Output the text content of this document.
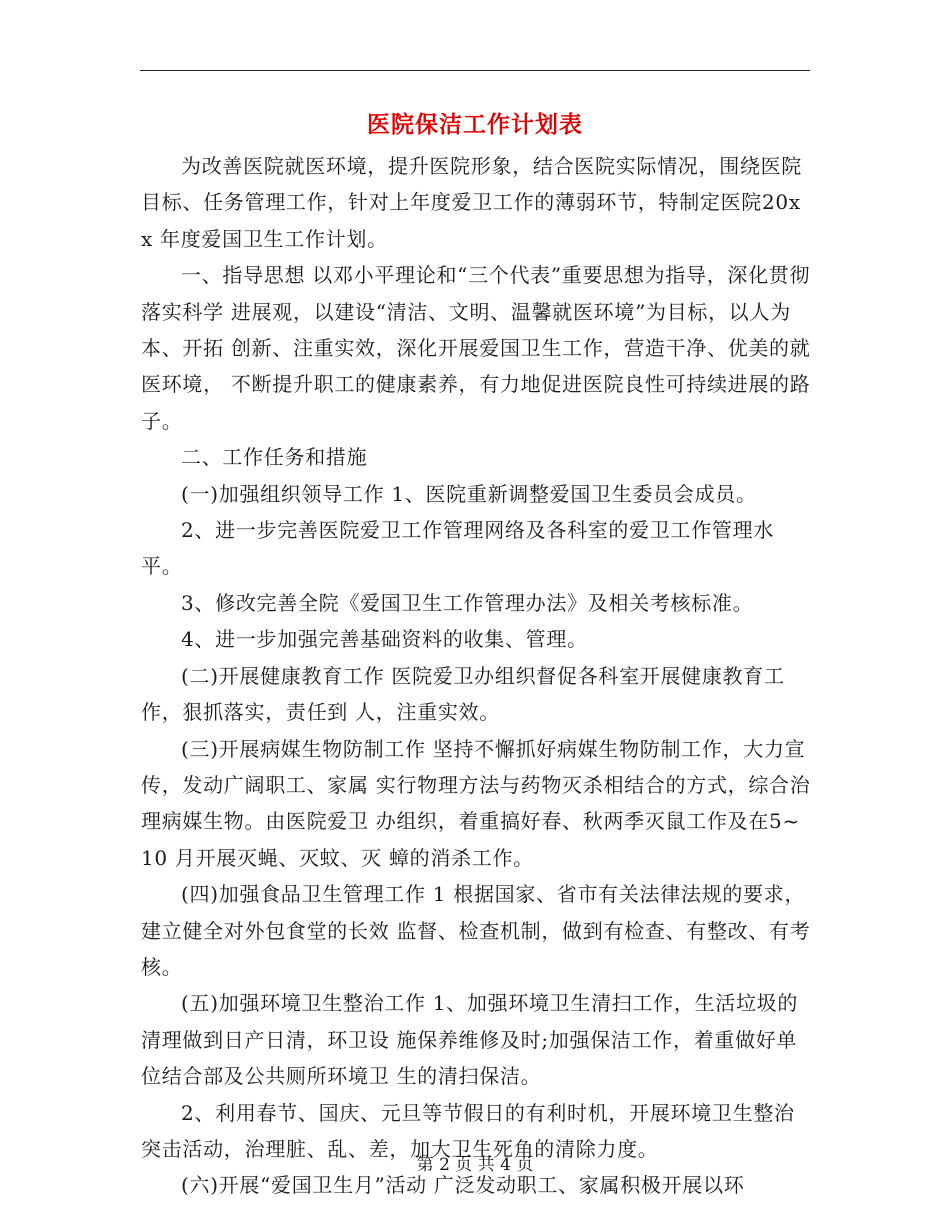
医院保洁工作计划表

为改善医院就医环境，提升医院形象，结合医院实际情况，围绕医院 目标、任务管理工作，针对上年度爱卫工作的薄弱环节，特制定医院20xx 年度爱国卫生工作计划。

一、指导思想 以邓小平理论和“三个代表”重要思想为指导，深化贯彻落实科学 进展观，以建设“清洁、文明、温馨就医环境”为目标，以人为本、开拓 创新、注重实效，深化开展爱国卫生工作，营造干净、优美的就医环境， 不断提升职工的健康素养，有力地促进医院良性可持续进展的路子。

二、工作任务和措施

(一)加强组织领导工作 1、医院重新调整爱国卫生委员会成员。

2、进一步完善医院爱卫工作管理网络及各科室的爱卫工作管理水平。

3、修改完善全院《爱国卫生工作管理办法》及相关考核标准。

4、进一步加强完善基础资料的收集、管理。

(二)开展健康教育工作 医院爱卫办组织督促各科室开展健康教育工作，狠抓落实，责任到 人，注重实效。

(三)开展病媒生物防制工作 坚持不懈抓好病媒生物防制工作，大力宣传，发动广阔职工、家属 实行物理方法与药物灭杀相结合的方式，综合治理病媒生物。由医院爱卫 办组织，着重搞好春、秋两季灭鼠工作及在5~10 月开展灭蝇、灭蚊、灭 蟑的消杀工作。

(四)加强食品卫生管理工作 1 根据国家、省市有关法律法规的要求，建立健全对外包食堂的长效 监督、检查机制，做到有检查、有整改、有考核。

(五)加强环境卫生整治工作 1、加强环境卫生清扫工作，生活垃圾的清理做到日产日清，环卫设 施保养维修及时;加强保洁工作，着重做好单位结合部及公共厕所环境卫 生的清扫保洁。

2、利用春节、国庆、元旦等节假日的有利时机，开展环境卫生整治 突击活动，治理脏、乱、差，加大卫生死角的清除力度。

(六)开展“爱国卫生月”活动 广泛发动职工、家属积极开展以环

第 2 页 共 4 页
